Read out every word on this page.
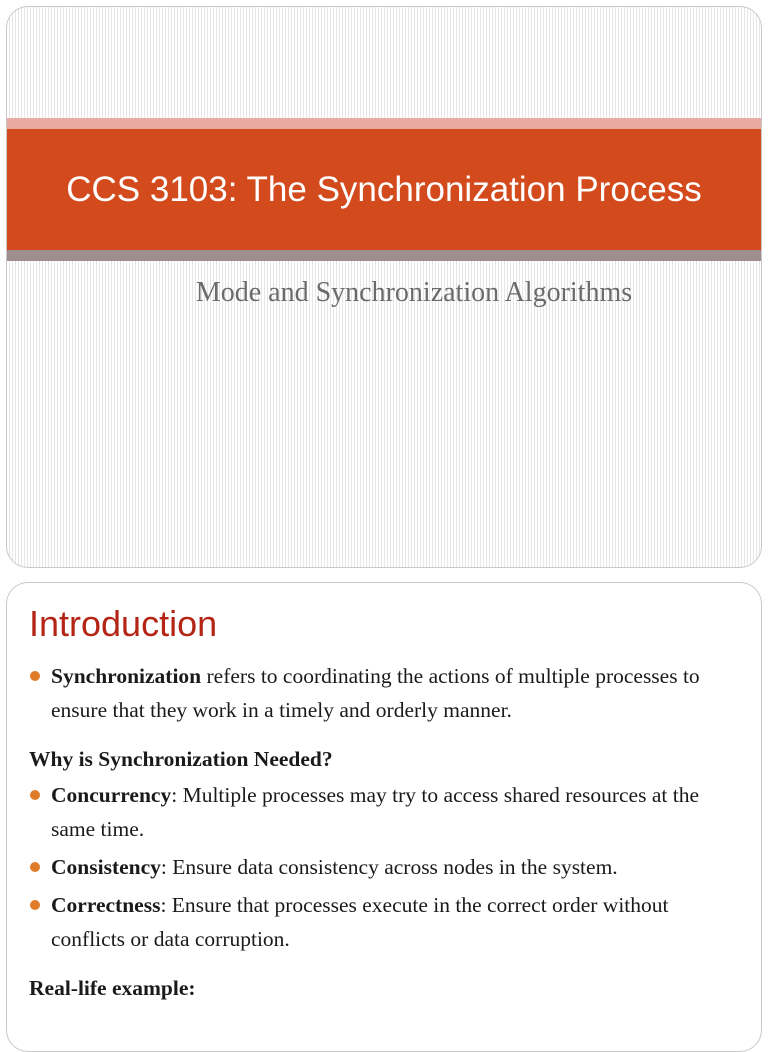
CCS 3103: The Synchronization Process
Mode and Synchronization Algorithms
Introduction

Synchronization refers to coordinating the actions of multiple processes to ensure that they work in a timely and orderly manner.

Why is Synchronization Needed?

Concurrency: Multiple processes may try to access shared resources at the same time.

Consistency: Ensure data consistency across nodes in the system.

Correctness: Ensure that processes execute in the correct order without conflicts or data corruption.

Real-life example:
